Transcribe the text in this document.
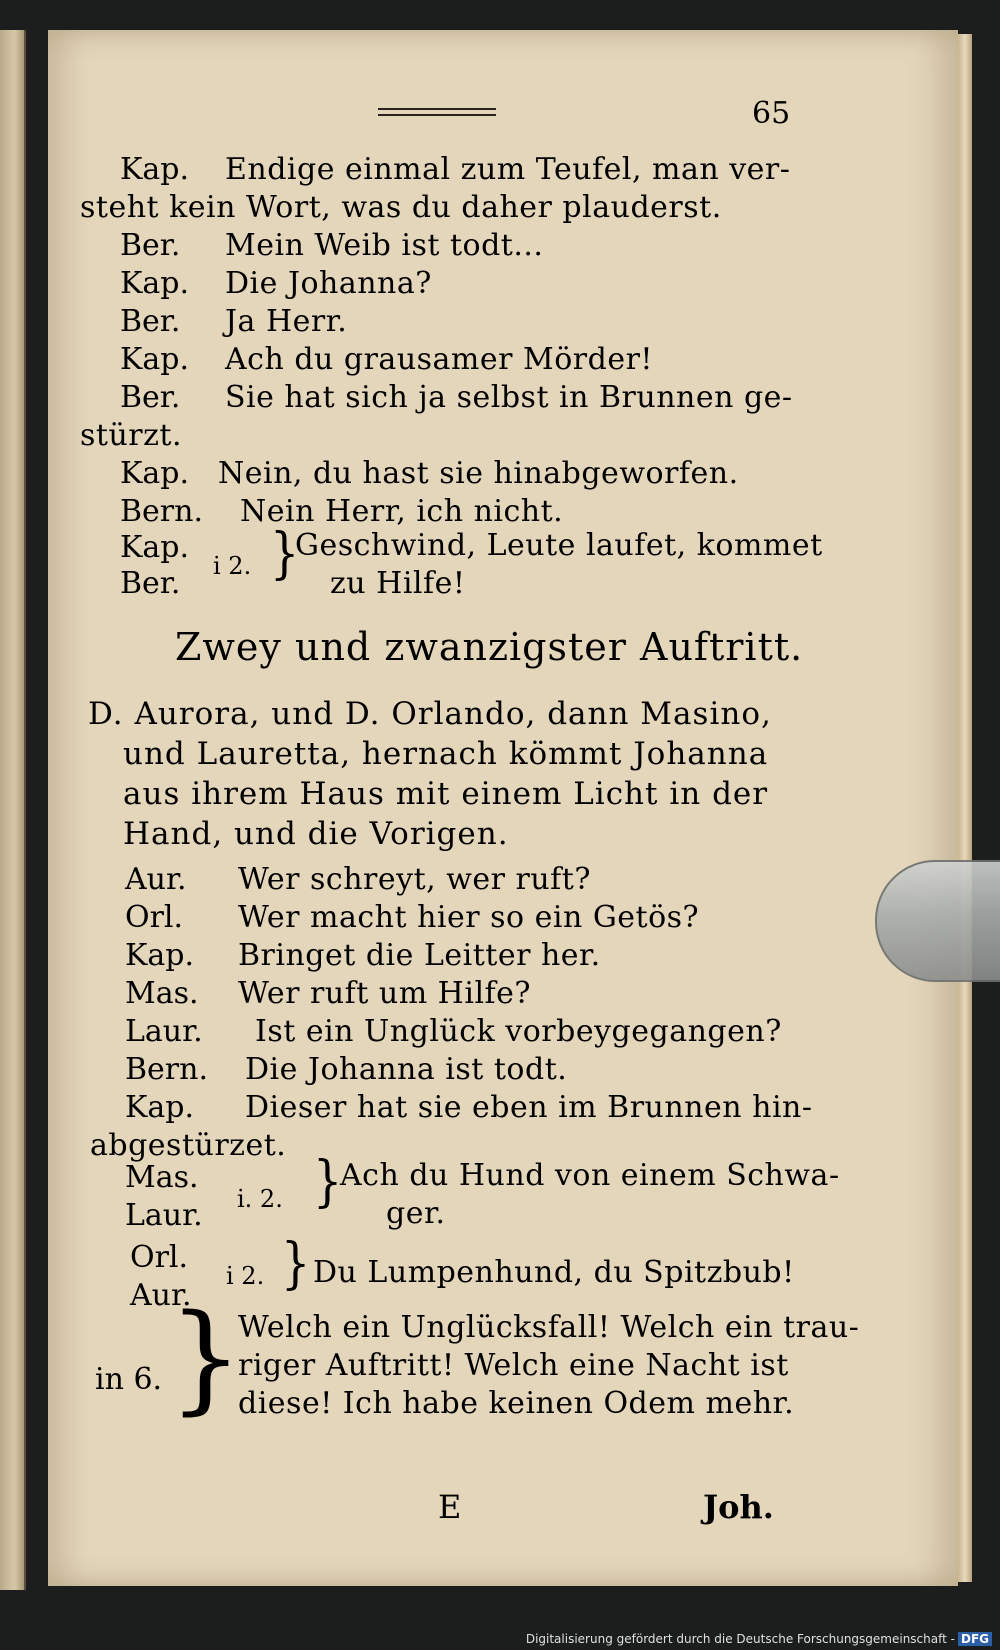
65
Kap. Endige einmal zum Teufel, man ver-
steht kein Wort, was du daher plauderst.
Ber. Mein Weib ist todt...
Kap. Die Johanna?
Ber. Ja Herr.
Kap. Ach du grausamer Mörder!
Ber. Sie hat sich ja selbst in Brunnen ge-
stürzt.
Kap. Nein, du hast sie hinabgeworfen.
Bern. Nein Herr, ich nicht.
Kap.
Ber. i 2. }
Geschwind, Leute laufet, kommet
zu Hilfe!
Zwey und zwanzigster Auftritt.
D. Aurora, und D. Orlando, dann Masino,
und Lauretta, hernach kömmt Johanna
aus ihrem Haus mit einem Licht in der
Hand, und die Vorigen.
Aur. Wer schreyt, wer ruft?
Orl. Wer macht hier so ein Getös?
Kap. Bringet die Leitter her.
Mas. Wer ruft um Hilfe?
Laur. Ist ein Unglück vorbeygegangen?
Bern. Die Johanna ist todt.
Kap. Dieser hat sie eben im Brunnen hin-
abgestürzet.
Mas.
Laur. i. 2. }
Ach du Hund von einem Schwa-
ger.
Orl.
Aur.
i 2. } Du Lumpenhund, du Spitzbub!
in 6. }
Welch ein Unglücksfall! Welch ein trau-
riger Auftritt! Welch eine Nacht ist
diese! Ich habe keinen Odem mehr.
E	Joh.
Digitalisierung gefördert durch die Deutsche Forschungsgemeinschaft - DFG
